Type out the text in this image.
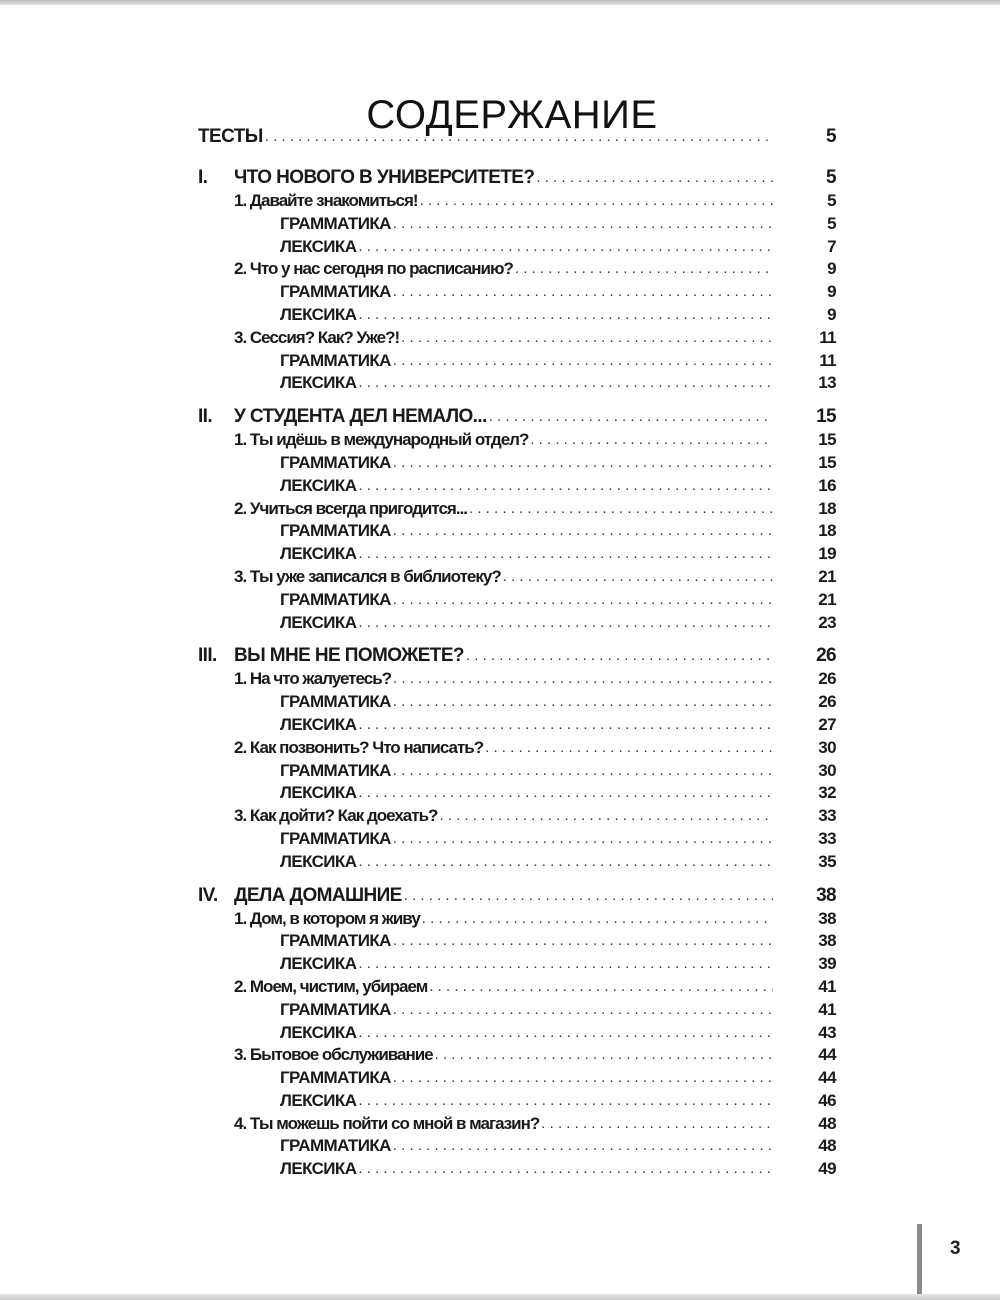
СОДЕРЖАНИЕ
ТЕСТЫ . . .	5
I. ЧТО НОВОГО В УНИВЕРСИТЕТЕ? . . .	5
1. Давайте знакомиться! . . .	5
ГРАММАТИКА . . .	5
ЛЕКСИКА . . .	7
2. Что у нас сегодня по расписанию? . . .	9
ГРАММАТИКА . . .	9
ЛЕКСИКА . . .	9
3. Сессия? Как? Уже?! . . .	11
ГРАММАТИКА . . .	11
ЛЕКСИКА . . .	13
II. У СТУДЕНТА ДЕЛ НЕМАЛО... . . .	15
1. Ты идёшь в международный отдел? . . .	15
ГРАММАТИКА . . .	15
ЛЕКСИКА . . .	16
2. Учиться всегда пригодится... . . .	18
ГРАММАТИКА . . .	18
ЛЕКСИКА . . .	19
3. Ты уже записался в библиотеку? . . .	21
ГРАММАТИКА . . .	21
ЛЕКСИКА . . .	23
III. ВЫ МНЕ НЕ ПОМОЖЕТЕ? . . .	26
1. На что жалуетесь? . . .	26
ГРАММАТИКА . . .	26
ЛЕКСИКА . . .	27
2. Как позвонить? Что написать? . . .	30
ГРАММАТИКА . . .	30
ЛЕКСИКА . . .	32
3. Как дойти? Как доехать? . . .	33
ГРАММАТИКА . . .	33
ЛЕКСИКА . . .	35
IV. ДЕЛА ДОМАШНИЕ . . .	38
1. Дом, в котором я живу . . .	38
ГРАММАТИКА . . .	38
ЛЕКСИКА . . .	39
2. Моем, чистим, убираем . . .	41
ГРАММАТИКА . . .	41
ЛЕКСИКА . . .	43
3. Бытовое обслуживание . . .	44
ГРАММАТИКА . . .	44
ЛЕКСИКА . . .	46
4. Ты можешь пойти со мной в магазин? . . .	48
ГРАММАТИКА . . .	48
ЛЕКСИКА . . .	49
3
